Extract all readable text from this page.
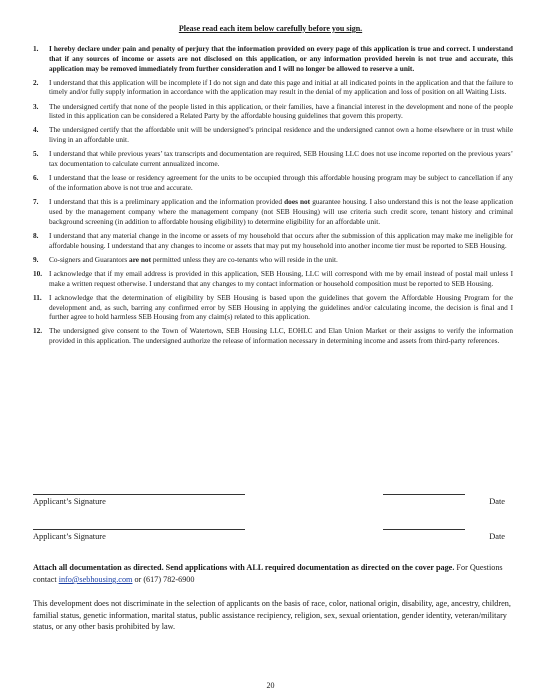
Please read each item below carefully before you sign.
1.	I hereby declare under pain and penalty of perjury that the information provided on every page of this application is true and correct. I understand that if any sources of income or assets are not disclosed on this application, or any information provided herein is not true and accurate, this application may be removed immediately from further consideration and I will no longer be allowed to reserve a unit.
2.	I understand that this application will be incomplete if I do not sign and date this page and initial at all indicated points in the application and that the failure to timely and/or fully supply information in accordance with the application may result in the denial of my application and loss of position on all Waiting Lists.
3.	The undersigned certify that none of the people listed in this application, or their families, have a financial interest in the development and none of the people listed in this application can be considered a Related Party by the affordable housing guidelines that govern this property.
4.	The undersigned certify that the affordable unit will be undersigned’s principal residence and the undersigned cannot own a home elsewhere or in trust while living in an affordable unit.
5.	I understand that while previous years’ tax transcripts and documentation are required, SEB Housing LLC does not use income reported on the previous years’ tax documentation to calculate current annualized income.
6.	I understand that the lease or residency agreement for the units to be occupied through this affordable housing program may be subject to cancellation if any of the information above is not true and accurate.
7.	I understand that this is a preliminary application and the information provided does not guarantee housing. I also understand this is not the lease application used by the management company where the management company (not SEB Housing) will use criteria such credit score, tenant history and criminal background screening (in addition to affordable housing eligibility) to determine eligibility for an affordable unit.
8.	I understand that any material change in the income or assets of my household that occurs after the submission of this application may make me ineligible for affordable housing. I understand that any changes to income or assets that may put my household into another income tier must be reported to SEB Housing.
9.	Co-signers and Guarantors are not permitted unless they are co-tenants who will reside in the unit.
10. I acknowledge that if my email address is provided in this application, SEB Housing, LLC will correspond with me by email instead of postal mail unless I make a written request otherwise. I understand that any changes to my contact information or household composition must be reported to SEB Housing.
11. I acknowledge that the determination of eligibility by SEB Housing is based upon the guidelines that govern the Affordable Housing Program for the development and, as such, barring any confirmed error by SEB Housing in applying the guidelines and/or calculating income, the decision is final and I further agree to hold harmless SEB Housing from any claim(s) related to this application.
12. The undersigned give consent to the Town of Watertown, SEB Housing LLC, EOHLC and Elan Union Market or their assigns to verify the information provided in this application. The undersigned authorize the release of information necessary in determining income and assets from third-party references.
Applicant’s Signature	Date
Applicant’s Signature	Date

Attach all documentation as directed. Send applications with ALL required documentation as directed on the cover page. For Questions contact info@sebhousing.com or (617) 782-6900

This development does not discriminate in the selection of applicants on the basis of race, color, national origin, disability, age, ancestry, children, familial status, genetic information, marital status, public assistance recipiency, religion, sex, sexual orientation, gender identity, veteran/military status, or any other basis prohibited by law.

20
